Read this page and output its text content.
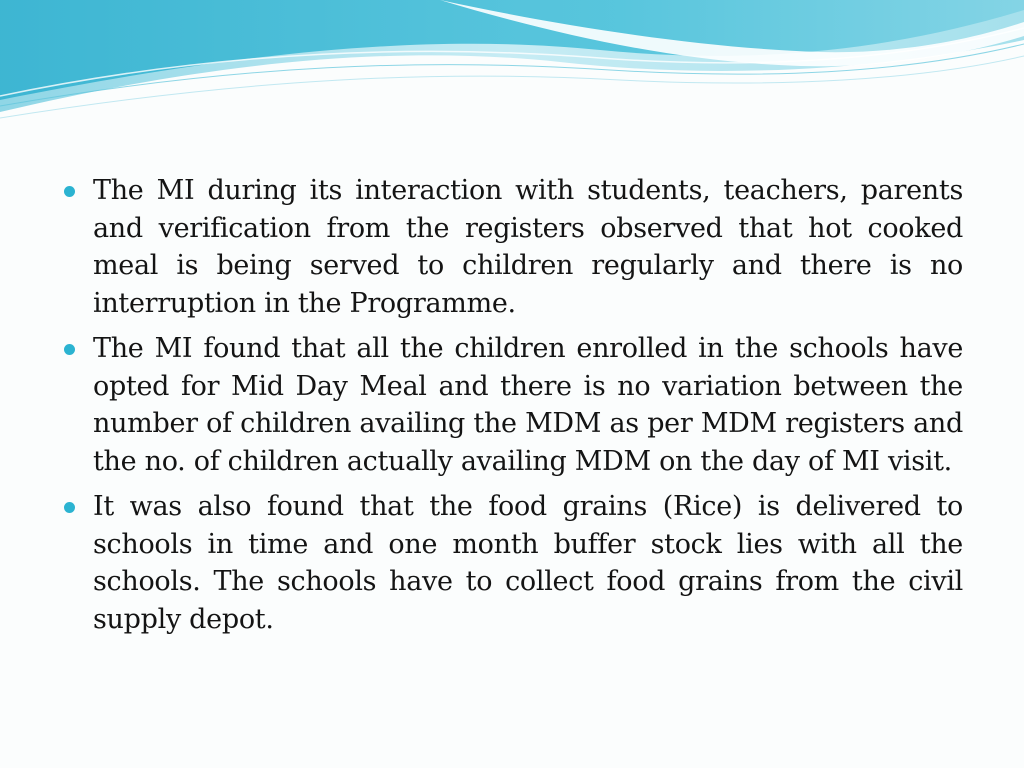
The MI during its interaction with students, teachers, parents and verification from the registers observed that hot cooked meal is being served to children regularly and there is no interruption in the Programme.
The MI found that all the children enrolled in the schools have opted for Mid Day Meal and there is no variation between the number of children availing the MDM as per MDM registers and the no. of children actually availing MDM on the day of MI visit.
It was also found that the food grains (Rice) is delivered to schools in time and one month buffer stock lies with all the schools. The schools have to collect food grains from the civil supply depot.
